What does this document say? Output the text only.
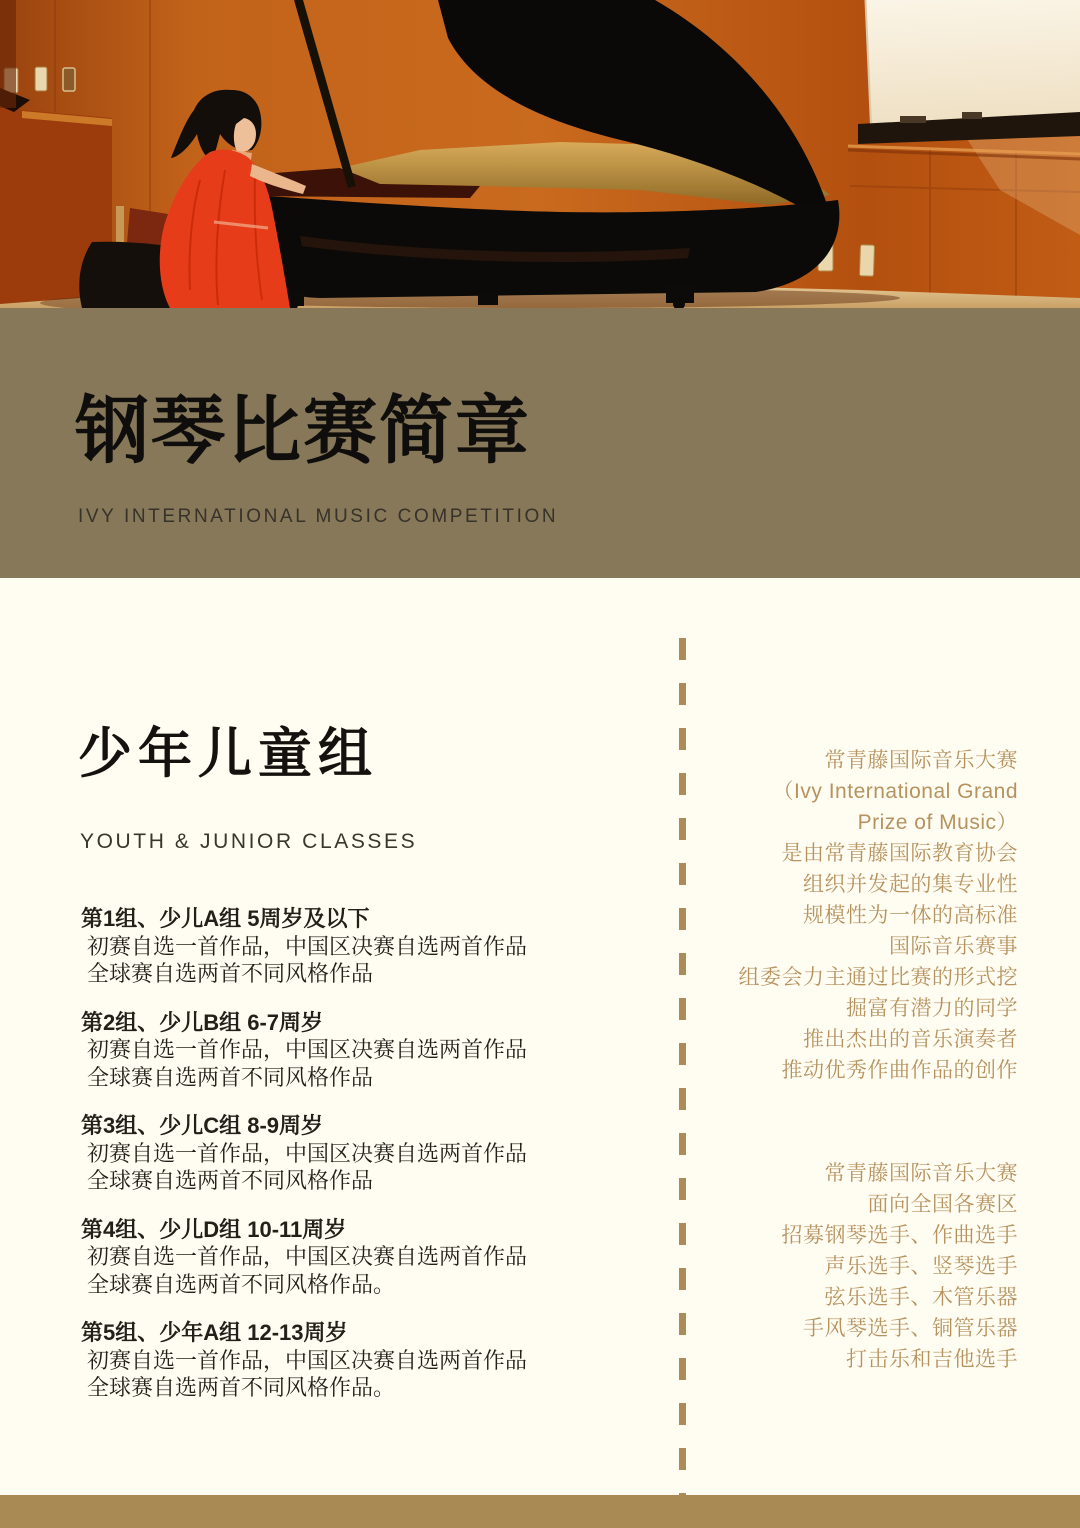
钢琴比赛简章
IVY INTERNATIONAL MUSIC COMPETITION
少年儿童组
YOUTH & JUNIOR CLASSES
第1组、少儿A组 5周岁及以下
初赛自选一首作品，中国区决赛自选两首作品
全球赛自选两首不同风格作品
第2组、少儿B组 6-7周岁
初赛自选一首作品，中国区决赛自选两首作品
全球赛自选两首不同风格作品
第3组、少儿C组 8-9周岁
初赛自选一首作品，中国区决赛自选两首作品
全球赛自选两首不同风格作品
第4组、少儿D组 10-11周岁
初赛自选一首作品，中国区决赛自选两首作品
全球赛自选两首不同风格作品。
第5组、少年A组 12-13周岁
初赛自选一首作品，中国区决赛自选两首作品
全球赛自选两首不同风格作品。
常青藤国际音乐大赛
（Ivy International Grand
Prize of Music）
是由常青藤国际教育协会
组织并发起的集专业性
规模性为一体的高标准
国际音乐赛事
组委会力主通过比赛的形式挖
掘富有潜力的同学
推出杰出的音乐演奏者
推动优秀作曲作品的创作
常青藤国际音乐大赛
面向全国各赛区
招募钢琴选手、作曲选手
声乐选手、竖琴选手
弦乐选手、木管乐器
手风琴选手、铜管乐器
打击乐和吉他选手
